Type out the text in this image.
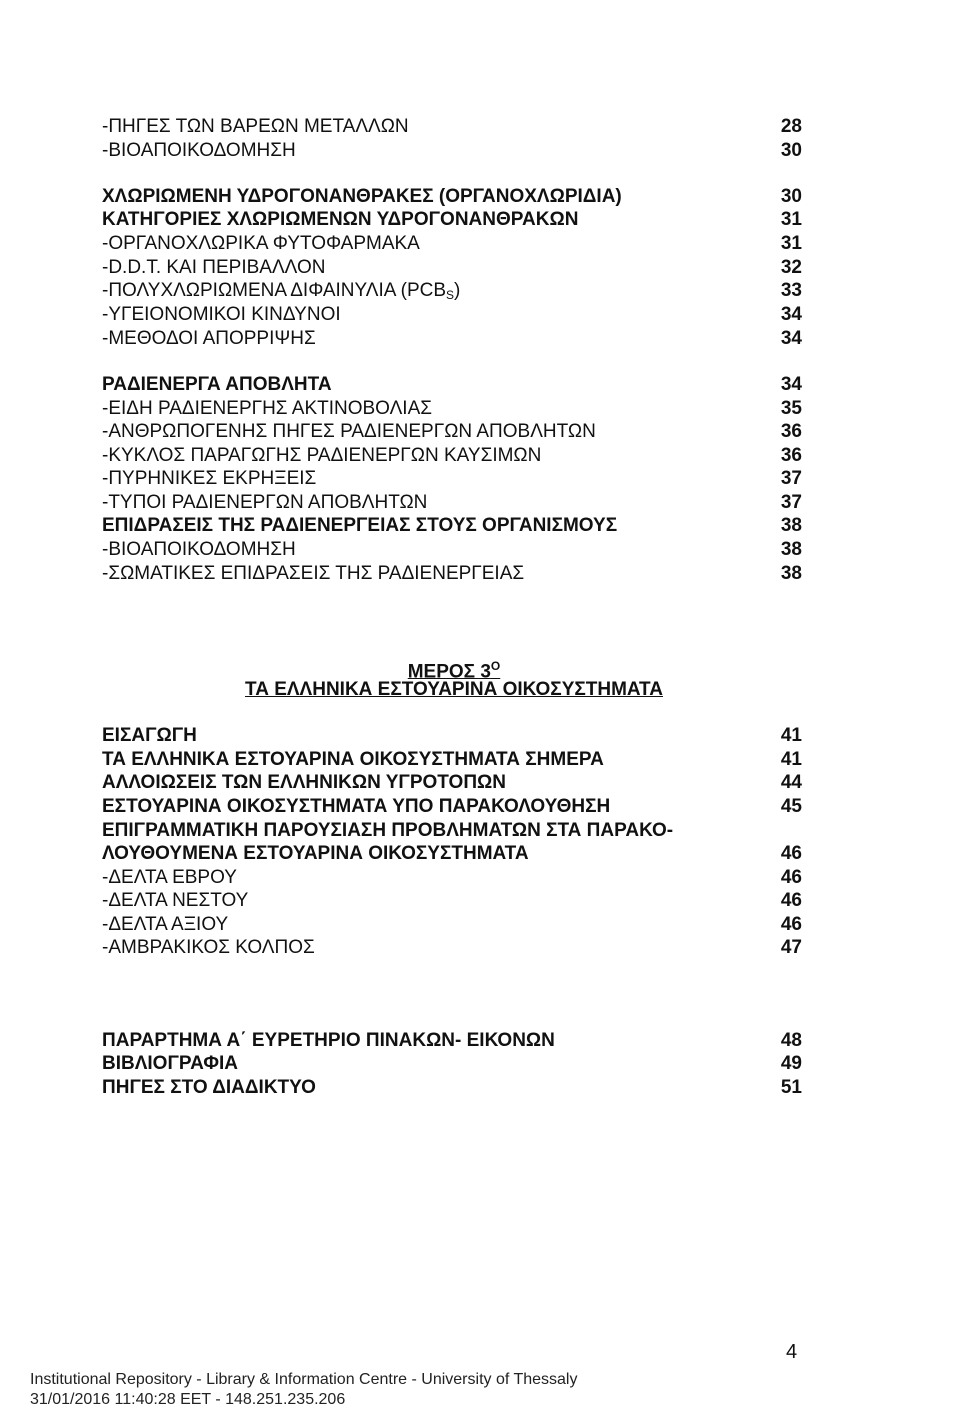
-ΠΗΓΕΣ ΤΩΝ ΒΑΡΕΩΝ ΜΕΤΑΛΛΩΝ	28
-ΒΙΟΑΠΟΙΚΟΔΟΜΗΣΗ	30
ΧΛΩΡΙΩΜΕΝΗ ΥΔΡΟΓΟΝΑΝΘΡΑΚΕΣ (ΟΡΓΑΝΟΧΛΩΡΙΔΙΑ)	30
ΚΑΤΗΓΟΡΙΕΣ ΧΛΩΡΙΩΜΕΝΩΝ ΥΔΡΟΓΟΝΑΝΘΡΑΚΩΝ	31
-ΟΡΓΑΝΟΧΛΩΡΙΚΑ ΦΥΤΟΦΑΡΜΑΚΑ	31
-D.D.T. ΚΑΙ ΠΕΡΙΒΑΛΛΟΝ	32
-ΠΟΛΥΧΛΩΡΙΩΜΕΝΑ ΔΙΦΑΙΝΥΛΙΑ $(PCB_S)$	33
-ΥΓΕΙΟΝΟΜΙΚΟΙ ΚΙΝΔΥΝΟΙ	34
-ΜΕΘΟΔΟΙ ΑΠΟΡΡΙΨΗΣ	34
ΡΑΔΙΕΝΕΡΓΑ ΑΠΟΒΛΗΤΑ	34
-ΕΙΔΗ ΡΑΔΙΕΝΕΡΓΗΣ ΑΚΤΙΝΟΒΟΛΙΑΣ	35
-ΑΝΘΡΩΠΟΓΕΝΗΣ ΠΗΓΕΣ ΡΑΔΙΕΝΕΡΓΩΝ ΑΠΟΒΛΗΤΩΝ	36
-ΚΥΚΛΟΣ ΠΑΡΑΓΩΓΗΣ ΡΑΔΙΕΝΕΡΓΩΝ ΚΑΥΣΙΜΩΝ	36
-ΠΥΡΗΝΙΚΕΣ ΕΚΡΗΞΕΙΣ	37
-ΤΥΠΟΙ ΡΑΔΙΕΝΕΡΓΩΝ ΑΠΟΒΛΗΤΩΝ	37
ΕΠΙΔΡΑΣΕΙΣ ΤΗΣ ΡΑΔΙΕΝΕΡΓΕΙΑΣ ΣΤΟΥΣ ΟΡΓΑΝΙΣΜΟΥΣ	38
-ΒΙΟΑΠΟΙΚΟΔΟΜΗΣΗ	38
-ΣΩΜΑΤΙΚΕΣ ΕΠΙΔΡΑΣΕΙΣ ΤΗΣ ΡΑΔΙΕΝΕΡΓΕΙΑΣ	38
ΜΕΡΟΣ $3^O$
ΤΑ ΕΛΛΗΝΙΚΑ ΕΣΤΟΥΑΡΙΝΑ ΟΙΚΟΣΥΣΤΗΜΑΤΑ
ΕΙΣΑΓΩΓΗ	41
ΤΑ ΕΛΛΗΝΙΚΑ ΕΣΤΟΥΑΡΙΝΑ ΟΙΚΟΣΥΣΤΗΜΑΤΑ ΣΗΜΕΡΑ	41
ΑΛΛΟΙΩΣΕΙΣ ΤΩΝ ΕΛΛΗΝΙΚΩΝ ΥΓΡΟΤΟΠΩΝ	44
ΕΣΤΟΥΑΡΙΝΑ ΟΙΚΟΣΥΣΤΗΜΑΤΑ ΥΠΟ ΠΑΡΑΚΟΛΟΥΘΗΣΗ	45
ΕΠΙΓΡΑΜΜΑΤΙΚΗ ΠΑΡΟΥΣΙΑΣΗ ΠΡΟΒΛΗΜΑΤΩΝ ΣΤΑ ΠΑΡΑΚΟ-
ΛΟΥΘΟΥΜΕΝΑ ΕΣΤΟΥΑΡΙΝΑ ΟΙΚΟΣΥΣΤΗΜΑΤΑ	46
-ΔΕΛΤΑ ΕΒΡΟΥ	46
-ΔΕΛΤΑ ΝΕΣΤΟΥ	46
-ΔΕΛΤΑ ΑΞΙΟΥ	46
-ΑΜΒΡΑΚΙΚΟΣ ΚΟΛΠΟΣ	47
ΠΑΡΑΡΤΗΜΑ Α΄ ΕΥΡΕΤΗΡΙΟ ΠΙΝΑΚΩΝ- ΕΙΚΟΝΩΝ	48
ΒΙΒΛΙΟΓΡΑΦΙΑ	49
ΠΗΓΕΣ ΣΤΟ ΔΙΑΔΙΚΤΥΟ	51
4
Institutional Repository - Library & Information Centre - University of Thessaly
31/01/2016 11:40:28 EET - 148.251.235.206
